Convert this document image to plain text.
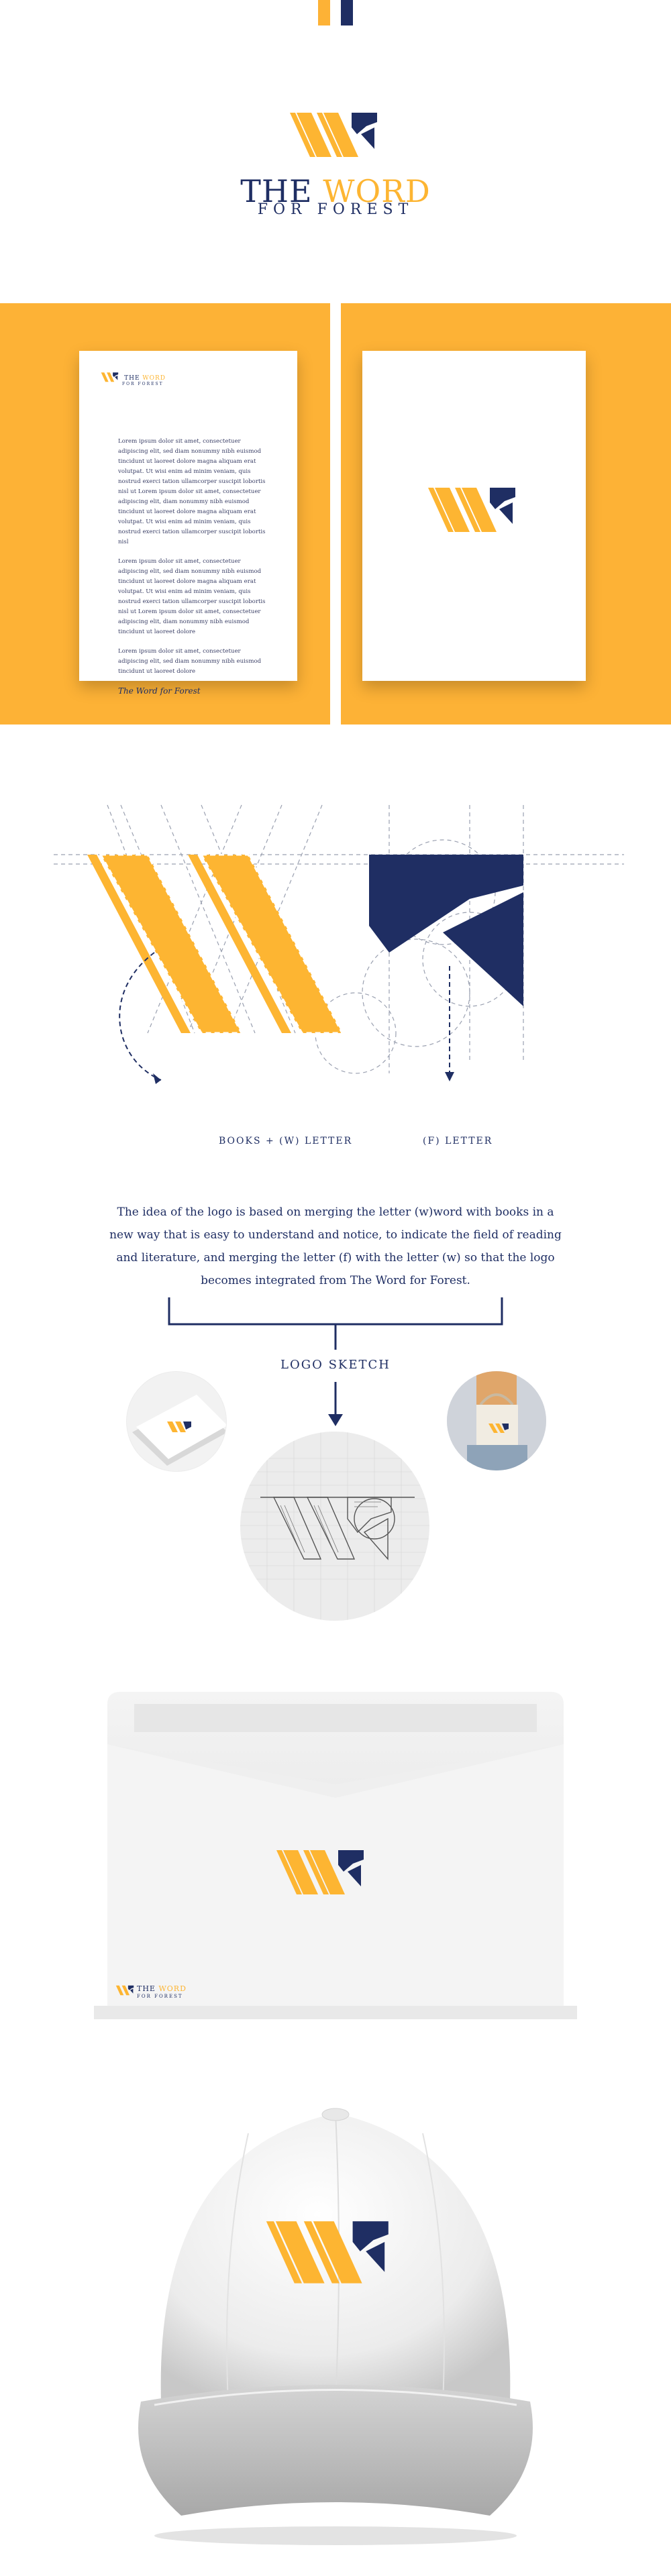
THE WORD
FOR FOREST
THE WORD
FOR FOREST

Lorem ipsum dolor sit amet, consectetuer adipiscing elit, sed diam nonummy nibh euismod tincidunt ut laoreet dolore magna aliquam erat volutpat. Ut wisi enim ad minim veniam, quis nostrud exerci tation ullamcorper suscipit lobortis nisl ut Lorem ipsum dolor sit amet, consectetuer adipiscing elit, diam nonummy nibh euismod tincidunt ut laoreet dolore magna aliquam erat volutpat. Ut wisi enim ad minim veniam, quis nostrud exerci tation ullamcorper suscipit lobortis nisl

Lorem ipsum dolor sit amet, consectetuer adipiscing elit, sed diam nonummy nibh euismod tincidunt ut laoreet dolore magna aliquam erat volutpat. Ut wisi enim ad minim veniam, quis nostrud exerci tation ullamcorper suscipit lobortis nisl ut Lorem ipsum dolor sit amet, consectetuer adipiscing elit, diam nonummy nibh euismod tincidunt ut laoreet dolore

Lorem ipsum dolor sit amet, consectetuer adipiscing elit, sed diam nonummy nibh euismod tincidunt ut laoreet dolore

The Word for Forest
BOOKS + (W) LETTER	(F) LETTER
The idea of the logo is based on merging the letter (w)word with books in a new way that is easy to understand and notice, to indicate the field of reading and literature, and merging the letter (f) with the letter (w) so that the logo becomes integrated from The Word for Forest.
LOGO SKETCH
THE WORD
FOR FOREST
